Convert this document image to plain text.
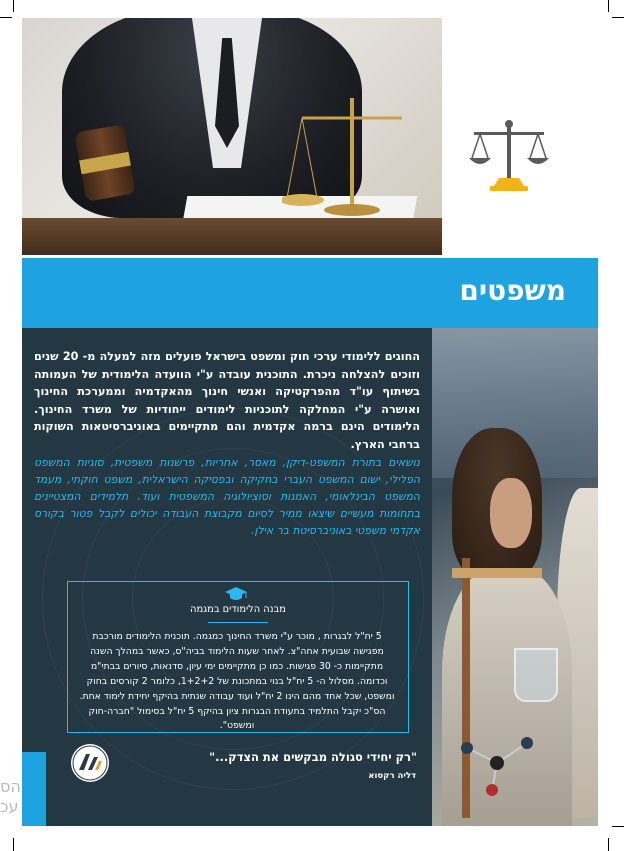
משפטים

החוגים ללימודי ערכי חוק ומשפט בישראל פועלים מזה למעלה מ- 20 שנים וזוכים להצלחה ניכרת. התוכנית עובדה ע"י הוועדה הלימודית של העמותה בשיתוף עו"ד מהפרקטיקה ואנשי חינוך מהאקדמיה וממערכת החינוך ואושרה ע"י המחלקה לתוכניות לימודים ייחודיות של משרד החינוך. הלימודים הינם ברמה אקדמית והם מתקיימים באוניברסיטאות השוקות ברחבי הארץ.

נושאים בתורת המשפט-דיקן, מאסר, אחריות, פרשנות משפטית, סוגיות המשפט הפלילי, ישום המשפט העברי בחקיקה ובפסיקה הישראלית, משפט חוקתי, מעמד המשפט הבינלאומי, האמנות וסוציולוגיה המשפטית ועוד. תלמידים המצטיינים בתחומות מעשיים שיצאו ממיר לסיום מקבוצת העבודה יכולים לקבל פטור בקורס אקדמי משפטי באוניברסיטת בר אילן.

מבנה הלימודים במגמה

5 יח"ל לבגרות , מוכר ע"י משרד החינוך כמגמה. תוכנית הלימודים מורכבת מפגישה שבועית אחה"צ. לאחר שעות הלימוד בביה"ס, כאשר במהלך השנה מתקיימות כ- 30 פגישות. כמו כן מתקיימים ימי עיון, סדנאות, סיורים בבתי"מ וכדומה. מסלול ה- 5 יח"ל בנוי במתכונת של 1+2+2, כלומר 2 קורסים בחוק ומשפט, שכל אחד מהם הינו 2 יח"ל ועוד עבודה שנתית בהיקף יחידת לימוד אחת. הס"כ יקבל התלמיד בתעודת הבגרות ציון בהיקף 5 יח"ל בסימול "חברה-חוק ומשפט".

"רק יחידי סגולה מבקשים את הצדק..."
דליה רקסוא
הס
עכ
